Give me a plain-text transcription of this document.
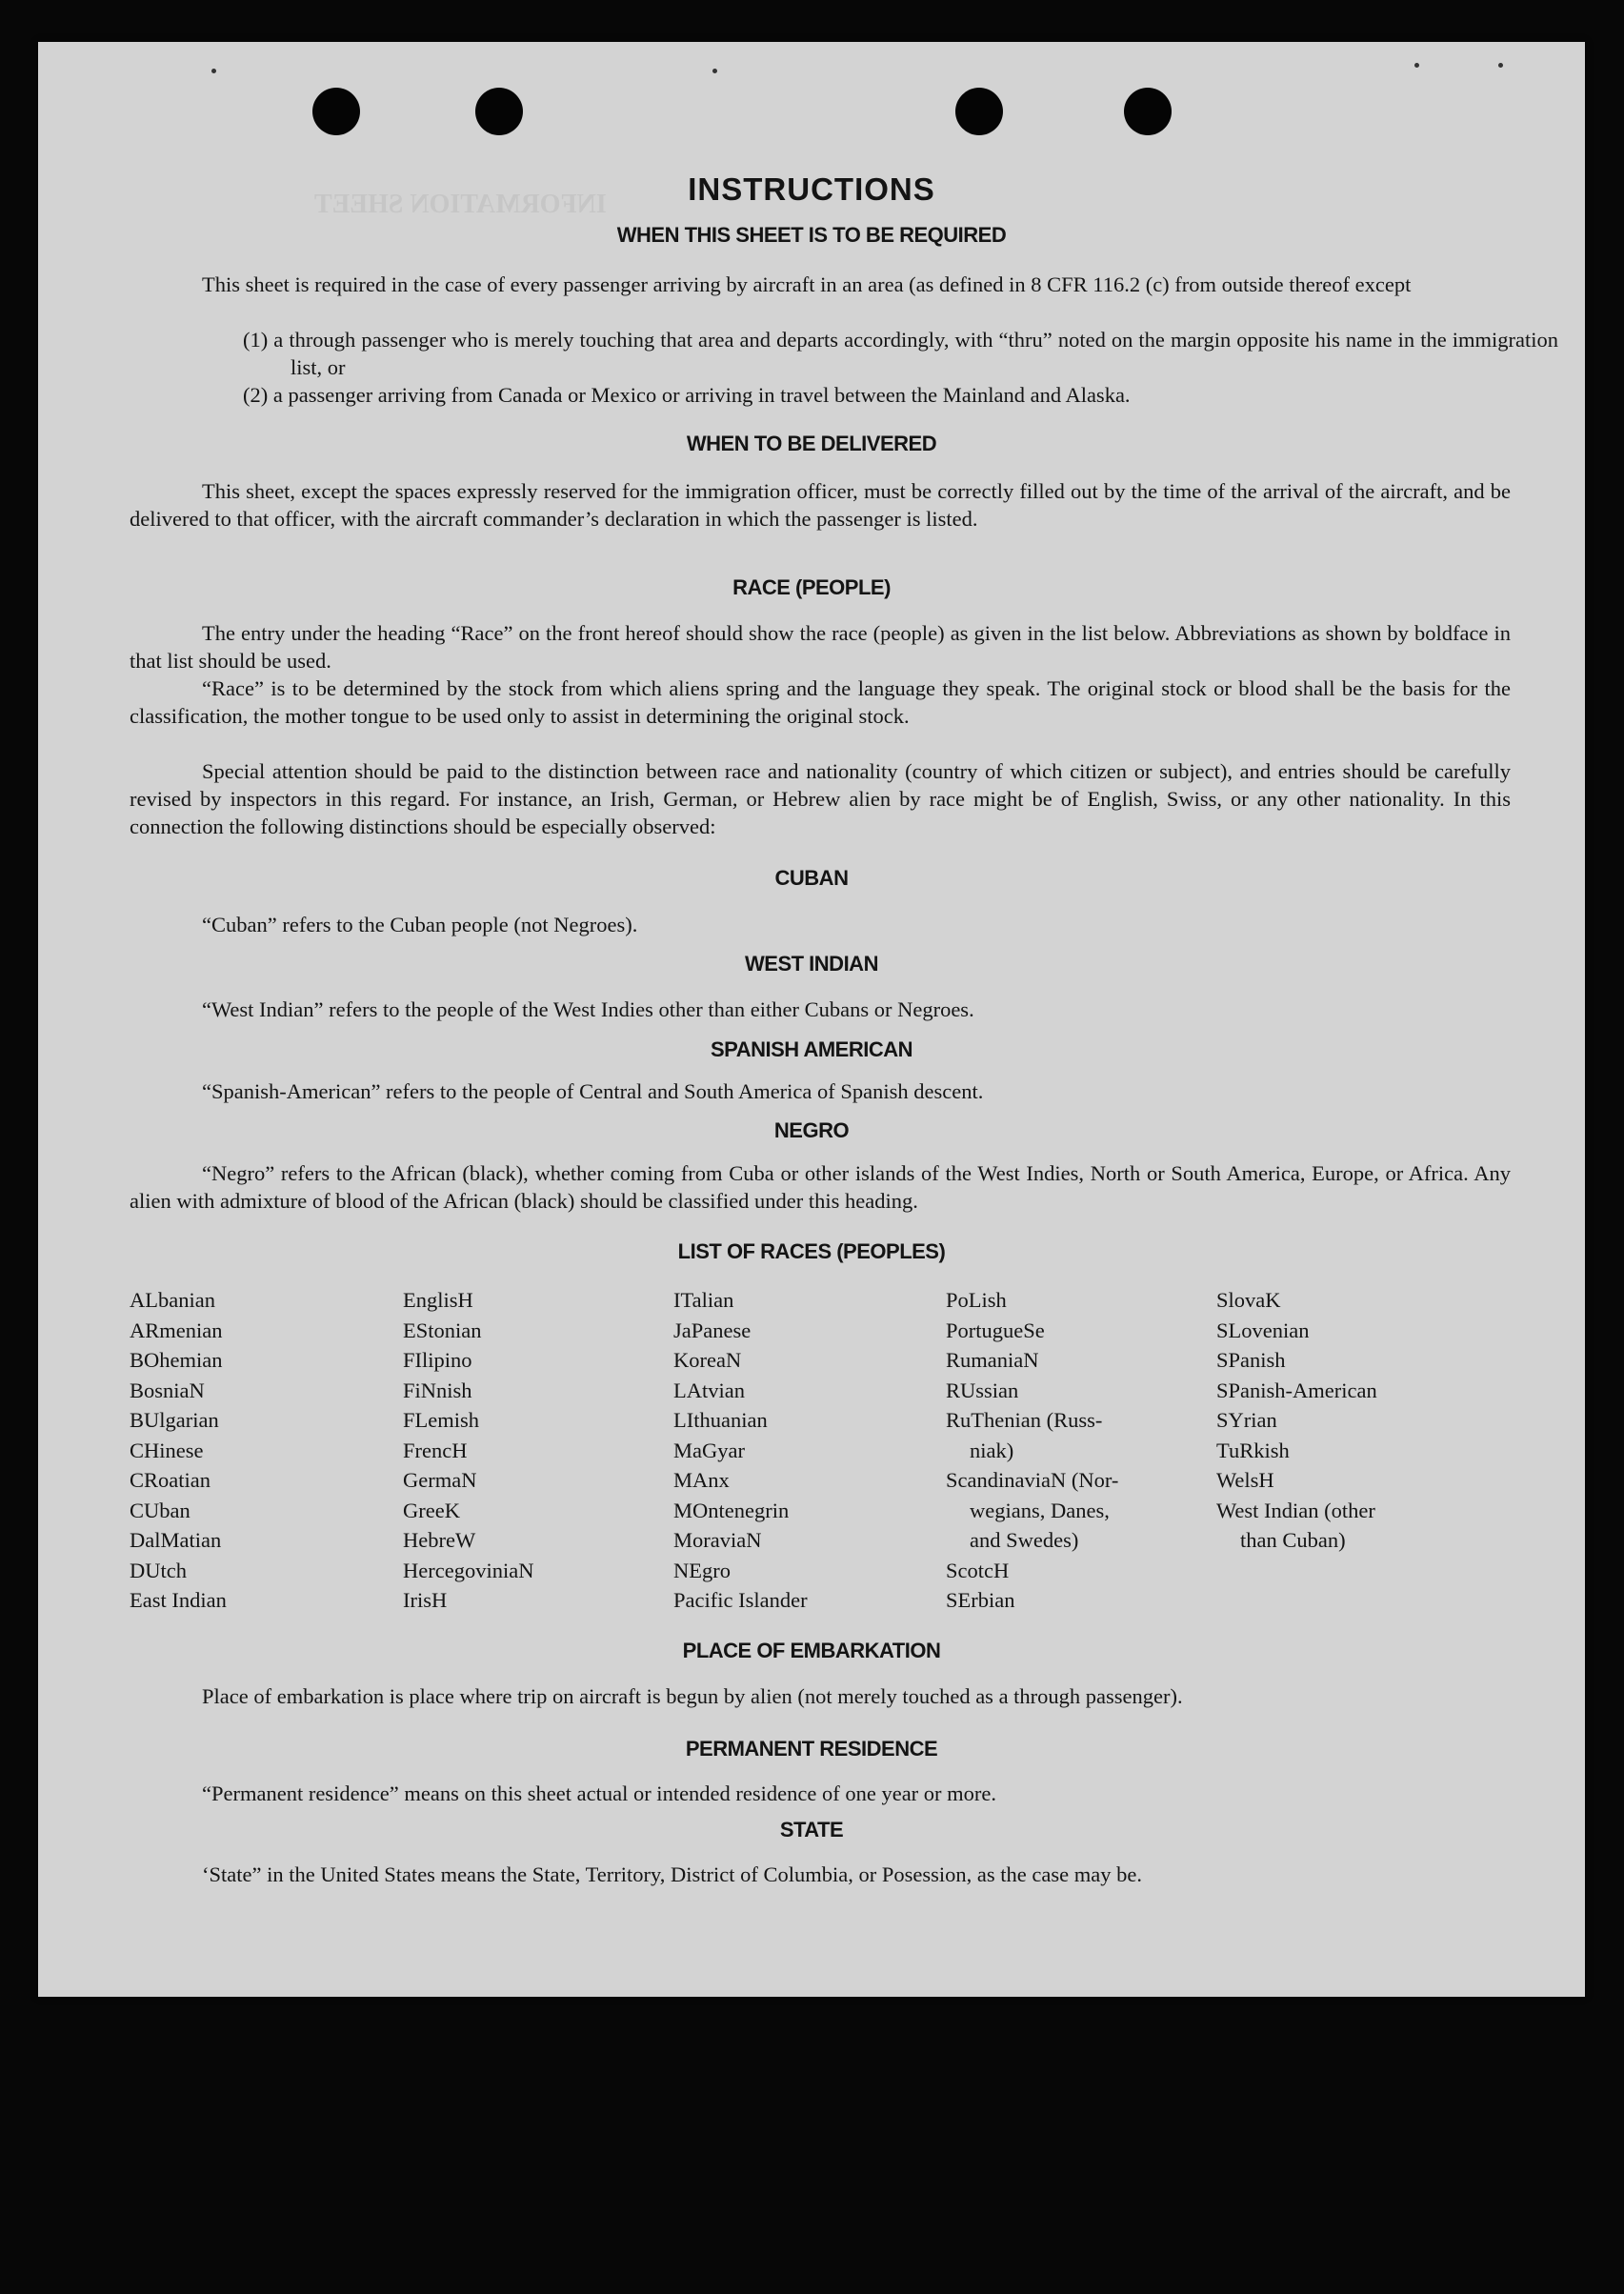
INFORMATION SHEET	INSTRUCTIONS
WHEN THIS SHEET IS TO BE REQUIRED

This sheet is required in the case of every passenger arriving by aircraft in an area (as defined in 8 CFR 116.2 (c) from outside thereof except

(1) a through passenger who is merely touching that area and departs accordingly, with “thru” noted on the margin opposite his name in the immigration list, or

(2) a passenger arriving from Canada or Mexico or arriving in travel between the Mainland and Alaska.

WHEN TO BE DELIVERED

This sheet, except the spaces expressly reserved for the immigration officer, must be correctly filled out by the time of the arrival of the aircraft, and be delivered to that officer, with the aircraft commander’s declaration in which the passenger is listed.

RACE (PEOPLE)

The entry under the heading “Race” on the front hereof should show the race (people) as given in the list below. Abbreviations as shown by boldface in that list should be used.

“Race” is to be determined by the stock from which aliens spring and the language they speak. The original stock or blood shall be the basis for the classification, the mother tongue to be used only to assist in determining the original stock.

Special attention should be paid to the distinction between race and nationality (country of which citizen or subject), and entries should be carefully revised by inspectors in this regard. For instance, an Irish, German, or Hebrew alien by race might be of English, Swiss, or any other nationality. In this connection the following distinctions should be especially observed:

CUBAN

“Cuban” refers to the Cuban people (not Negroes).

WEST INDIAN

“West Indian” refers to the people of the West Indies other than either Cubans or Negroes.

SPANISH AMERICAN

“Spanish-American” refers to the people of Central and South America of Spanish descent.

NEGRO

“Negro” refers to the African (black), whether coming from Cuba or other islands of the West Indies, North or South America, Europe, or Africa. Any alien with admixture of blood of the African (black) should be classified under this heading.

LIST OF RACES (PEOPLES)
ALbanian
ARmenian
BOhemian
BosniaN
BUlgarian
CHinese
CRoatian
CUban
DalMatian
DUtch
East Indian
EnglisH
EStonian
FIlipino
FiNnish
FLemish
FrencH
GermaN
GreeK
HebreW
HercegoviniaN
IrisH
ITalian
JaPanese
KoreaN
LAtvian
LIthuanian
MaGyar
MAnx
MOntenegrin
MoraviaN
NEgro
Pacific Islander
PoLish
PortugueSe
RumaniaN
RUssian
RuThenian (Russ-
niak)
ScandinaviaN (Nor-
wegians, Danes,
and Swedes)
ScotcH
SErbian
SlovaK
SLovenian
SPanish
SPanish-American
SYrian
TuRkish
WelsH
West Indian (other
than Cuban)
PLACE OF EMBARKATION

Place of embarkation is place where trip on aircraft is begun by alien (not merely touched as a through passenger).

PERMANENT RESIDENCE

“Permanent residence” means on this sheet actual or intended residence of one year or more.

STATE

‘State” in the United States means the State, Territory, District of Columbia, or Posession, as the case may be.
